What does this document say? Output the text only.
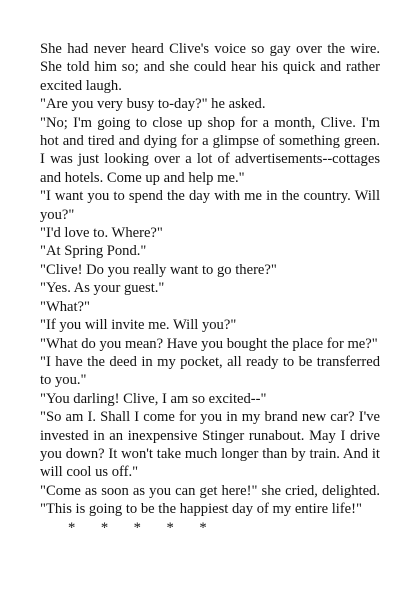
She had never heard Clive's voice so gay over the wire. She told him so; and she could hear his quick and rather excited laugh.

"Are you very busy to-day?" he asked.

"No; I'm going to close up shop for a month, Clive. I'm hot and tired and dying for a glimpse of something green. I was just looking over a lot of advertisements--cottages and hotels. Come up and help me."

"I want you to spend the day with me in the country. Will you?"

"I'd love to. Where?"

"At Spring Pond."

"Clive! Do you really want to go there?"

"Yes. As your guest."

"What?"

"If you will invite me. Will you?"

"What do you mean? Have you bought the place for me?"

"I have the deed in my pocket, all ready to be transferred to you."

"You darling! Clive, I am so excited--"

"So am I. Shall I come for you in my brand new car? I've invested in an inexpensive Stinger runabout. May I drive you down? It won't take much longer than by train. And it will cool us off."

"Come as soon as you can get here!" she cried, delighted. "This is going to be the happiest day of my entire life!"

*       *       *       *       *
